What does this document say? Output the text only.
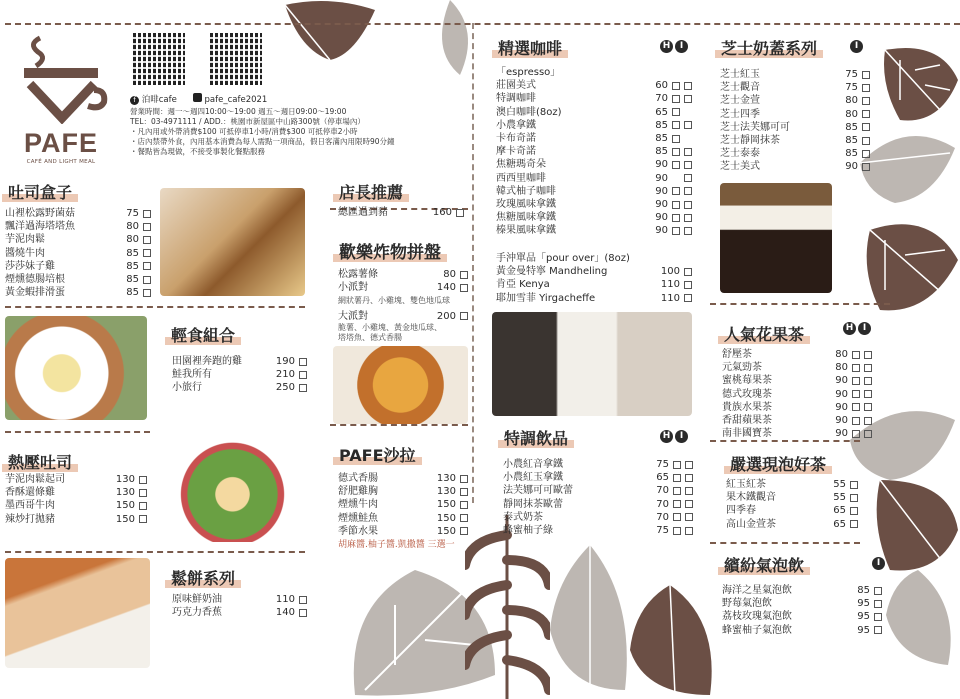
PAFE
CAFÉ AND LIGHT MEAL
f 泊啡cafe	pafe_cafe2021
營業時間：週一～週四10:00～19:00 週五～週日09:00～19:00
TEL：03-4971111 / ADD.：桃園市新屋區中山路300號（停車場內）
・凡內用或外帶消費$100 可抵停車1小時/消費$300 可抵停車2小時
・店內禁帶外食，內用基本消費為每人需點一項商品，假日客滿內用限時90分鐘
・餐點皆為現做，不接受事製化餐點服務
吐司盒子
山裡松露野菌菇	75
飄洋過海塔塔魚	80
芋泥肉鬆	80
醬燒牛肉	85
莎莎妹子雞	85
煙燻德腸培根	85
黃金蝦排滑蛋	85
輕食組合
田園裡奔跑的雞	190
鮭我所有	210
小旅行	250
熱壓吐司
芋泥肉鬆起司	130
香酥還條雞	130
墨西哥牛肉	150
辣炒打拋豬	150
鬆餅系列
原味鮮奶油	110
巧克力香蕉	140
店長推薦
總匯過到豬	160
歡樂炸物拼盤
松露薯條	80
小派對	140
網狀薯丹、小雞塊、雙色地瓜球
大派對	200
脆薯、小雞塊、黃金地瓜球、塔塔魚、德式香腸
PAFE沙拉
德式香腸	130
舒肥雞胸	130
煙燻牛肉	150
煙燻鮭魚	150
季節水果	150
胡麻醬.柚子醬.凱撒醬 三選一
精選咖啡	H	I
「espresso」
莊園美式	60
特調咖啡	70
澳白咖啡(8oz)	65
小農拿鐵	85
卡布奇諾	85
摩卡奇諾	85
焦糖瑪奇朵	90
西西里咖啡	90
韓式柚子咖啡	90
玫瑰風味拿鐵	90
焦糖風味拿鐵	90
榛果風味拿鐵	90
手沖單品「pour over」(8oz)
黃金曼特寧 Mandheling	100
肯亞 Kenya	110
耶加雪菲 Yirgacheffe	110
特調飲品	H	I
小農紅音拿鐵	75
小農紅玉拿鐵	65
法芙娜可可歐蕾	70
靜岡抹茶歐蕾	70
泰式奶茶	70
蜂蜜柚子綠	75
芝士奶蓋系列	I
芝士紅玉	75
芝士觀音	75
芝士金萱	80
芝士四季	80
芝士法芙娜可可	85
芝士靜岡抹茶	85
芝士泰泰	85
芝士美式	90
人氣花果茶	H	I
舒壓茶	80
元氣勁茶	80
蜜桃莓果茶	90
德式玫瑰茶	90
貴族水果茶	90
香甜蘋果茶	90
南非國寶茶	90
嚴選現泡好茶
紅玉紅茶	55
果木鐵觀音	55
四季春	65
高山金萱茶	65
繽紛氣泡飲	I
海洋之星氣泡飲	85
野莓氣泡飲	95
荔枝玫瑰氣泡飲	95
蜂蜜柚子氣泡飲	95
